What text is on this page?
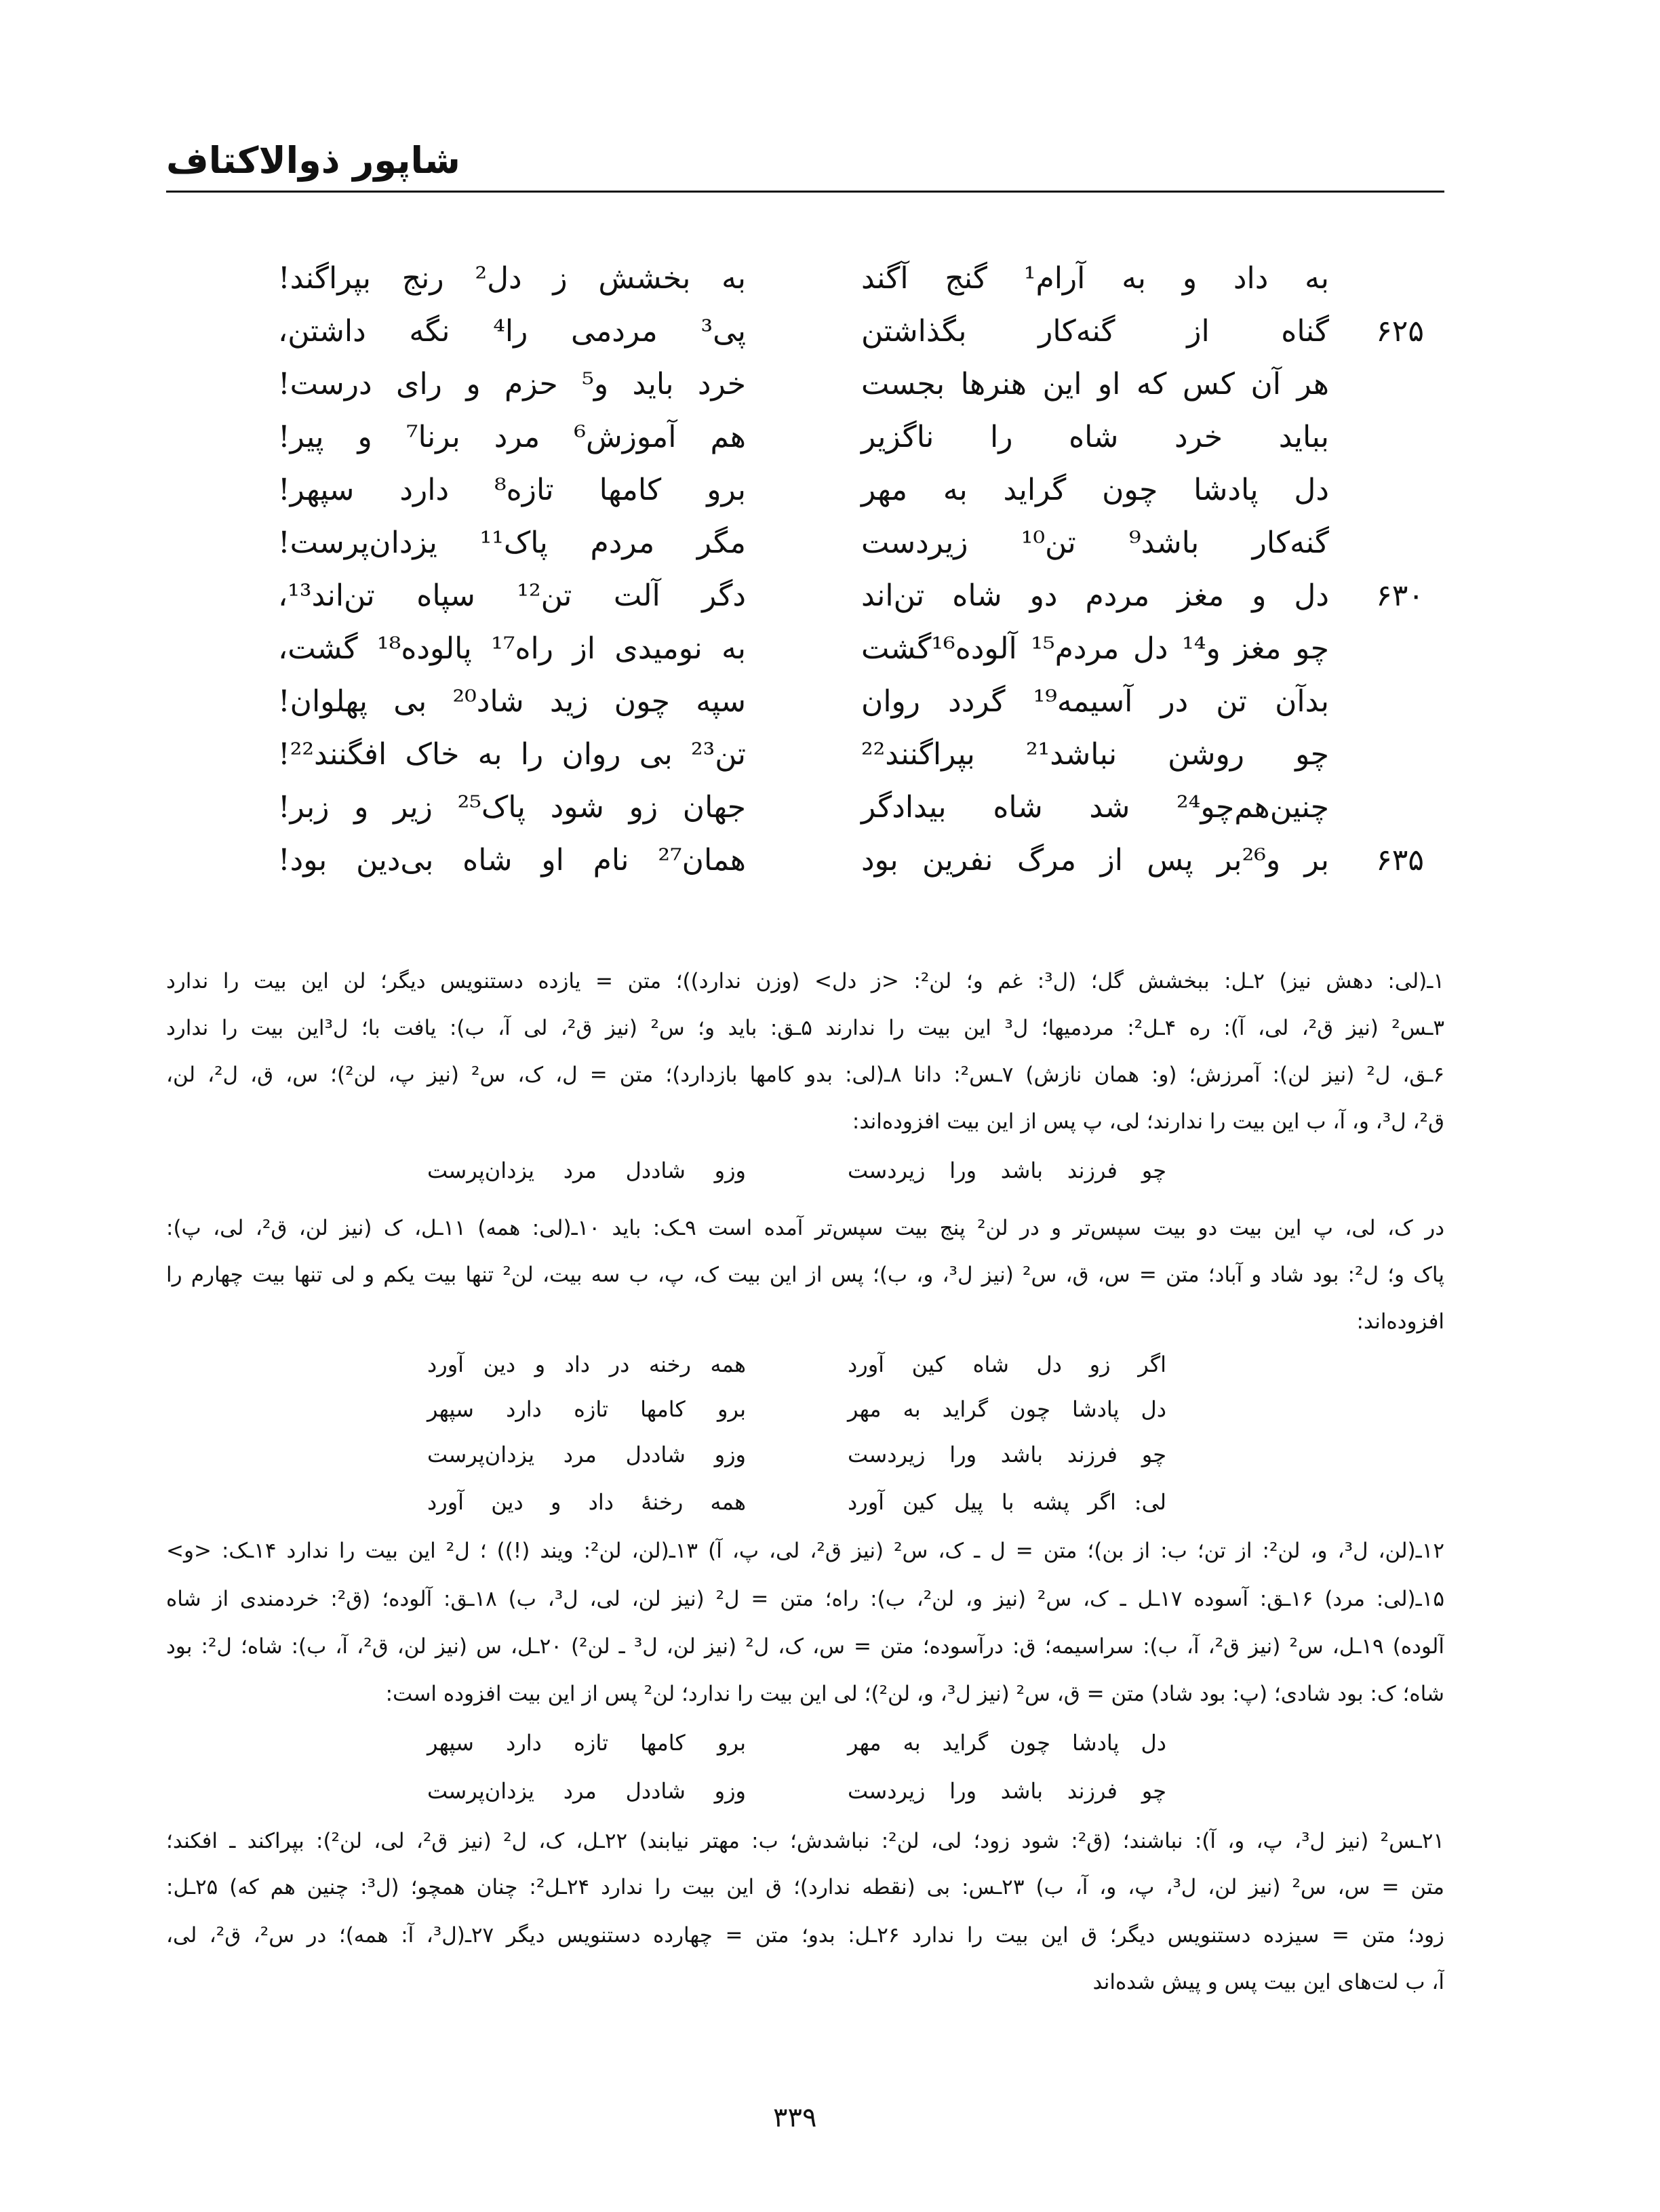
شاپور ذوالاکتاف
به داد و به آرام¹ گنج آگند
به بخشش ز دل² رنج بپراگند!
۶۲۵
گناه از گنه‌کار بگذاشتن
پی³ مردمی را⁴ نگه داشتن،
هر آن کس که او این هنرها بجست
خرد باید و⁵ حزم و رای درست!
بباید خرد شاه را ناگزیر
هم آموزش⁶ مرد برنا⁷ و پیر!
دل پادشا چون گراید به مهر
برو کامها تازه⁸ دارد سپهر!
گنه‌کار باشد⁹ تن¹⁰ زیردست
مگر مردم پاک¹¹ یزدان‌پرست!
۶۳۰
دل و مغز مردم دو شاه تن‌اند
دگر آلت تن¹² سپاه تن‌اند¹³،
چو مغز و¹⁴ دل مردم¹⁵ آلوده¹⁶گشت
به نومیدی از راه¹⁷ پالوده¹⁸ گشت،
بدآن تن در آسیمه¹⁹ گردد روان
سپه چون زید شاد²⁰ بی پهلوان!
چو روشن نباشد²¹ بپراگنند²²
تن²³ بی روان را به خاک افگنند²²!
چنین‌هم‌چو²⁴ شد شاه بیدادگر
جهان زو شود پاک²⁵ زیر و زبر!
۶۳۵
بر و²⁶بر پس از مرگ نفرین بود
همان²⁷ نام او شاه بی‌دین بود!
۱ـ(لی: دهش نیز) ۲ـل: ببخشش گل؛ (ل³: غم و؛ لن²: <ز دل> (وزن ندارد))؛ متن = یازده دستنویس دیگر؛ لن این بیت را ندارد
۳ـس² (نیز ق²، لی، آ): ره ۴ـل²: مردمیها؛ ل³ این بیت را ندارند ۵ـق: باید و؛ س² (نیز ق²، لی آ، ب): یافت با؛ ل³این بیت را ندارد
۶ـق، ل² (نیز لن): آمرزش؛ (و: همان نازش) ۷ـس²: دانا ۸ـ(لی: بدو کامها بازدارد)؛ متن = ل، ک، س² (نیز پ، لن²)؛ س، ق، ل²، لن،
ق²، ل³، و، آ، ب این بیت را ندارند؛ لی، پ پس از این بیت افزوده‌اند:
چو فرزند باشد ورا زیردست
وزو شاددل مرد یزدان‌پرست
در ک، لی، پ این بیت دو بیت سپس‌تر و در لن² پنج بیت سپس‌تر آمده است ۹ـک: باید ۱۰ـ(لی: همه) ۱۱ـل، ک (نیز لن، ق²، لی، پ):
پاک و؛ ل²: بود شاد و آباد؛ متن = س، ق، س² (نیز ل³، و، ب)؛ پس از این بیت ک، پ، ب سه بیت، لن² تنها بیت یکم و لی تنها بیت چهارم را
افزوده‌اند:
اگر زو دل شاه کین آورد
همه رخنه در داد و دین آورد
دل پادشا چون گراید به مهر
برو کامها تازه دارد سپهر
چو فرزند باشد ورا زیردست
وزو شاددل مرد یزدان‌پرست
لی: اگر پشه با پیل کین آورد
همه رخنهٔ داد و دین آورد
۱۲ـ(لن، ل³، و، لن²: از تن؛ ب: از بن)؛ متن = ل ـ ک، س² (نیز ق²، لی، پ، آ) ۱۳ـ(لن، لن²: ویند (!)) ؛ ل² این بیت را ندارد ۱۴ـک: <و>
۱۵ـ(لی: مرد) ۱۶ـق: آسوده ۱۷ـل ـ ک، س² (نیز و، لن²، ب): راه؛ متن = ل² (نیز لن، لی، ل³، ب) ۱۸ـق: آلوده؛ (ق²: خردمندی از شاه
آلوده) ۱۹ـل، س² (نیز ق²، آ، ب): سراسیمه؛ ق: درآسوده؛ متن = س، ک، ل² (نیز لن، ل³ ـ لن²) ۲۰ـل، س (نیز لن، ق²، آ، ب): شاه؛ ل²: بود
شاه؛ ک: بود شادی؛ (پ: بود شاد) متن = ق، س² (نیز ل³، و، لن²)؛ لی این بیت را ندارد؛ لن² پس از این بیت افزوده است:
دل پادشا چون گراید به مهر
برو کامها تازه دارد سپهر
چو فرزند باشد ورا زیردست
وزو شاددل مرد یزدان‌پرست
۲۱ـس² (نیز ل³، پ، و، آ): نباشند؛ (ق²: شود زود؛ لی، لن²: نباشدش؛ ب: مهتر نیابند) ۲۲ـل، ک، ل² (نیز ق²، لی، لن²): بپراکند ـ افکند؛
متن = س، س² (نیز لن، ل³، پ، و، آ، ب) ۲۳ـس: بی (نقطه ندارد)؛ ق این بیت را ندارد ۲۴ـل²: چنان همچو؛ (ل³: چنین هم که) ۲۵ـل:
زود؛ متن = سیزده دستنویس دیگر؛ ق این بیت را ندارد ۲۶ـل: بدو؛ متن = چهارده دستنویس دیگر ۲۷ـ(ل³، آ: همه)؛ در س²، ق²، لی،
آ، ب لت‌های این بیت پس و پیش شده‌اند
۳۳۹
